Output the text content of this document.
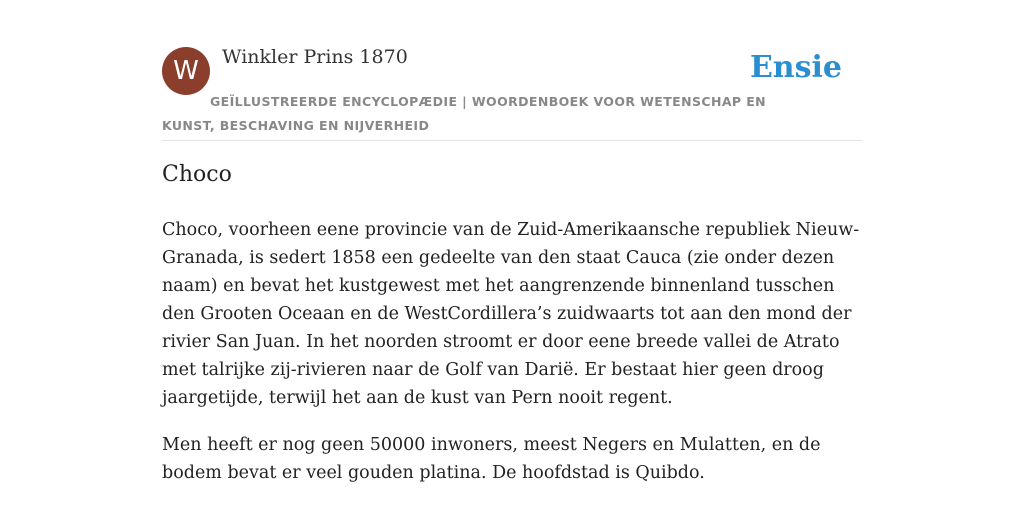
W	Winkler Prins 1870	Ensie
GEÏLLUSTREERDE ENCYCLOPÆDIE | WOORDENBOEK VOOR WETENSCHAP EN KUNST, BESCHAVING EN NIJVERHEID
Choco

Choco, voorheen eene provincie van de Zuid-Amerikaansche republiek Nieuw-Granada, is sedert 1858 een gedeelte van den staat Cauca (zie onder dezen naam) en bevat het kustgewest met het aangrenzende binnenland tusschen den Grooten Oceaan en de WestCordillera’s zuidwaarts tot aan den mond der rivier San Juan. In het noorden stroomt er door eene breede vallei de Atrato met talrijke zij-rivieren naar de Golf van Darië. Er bestaat hier geen droog jaargetijde, terwijl het aan de kust van Pern nooit regent.

Men heeft er nog geen 50000 inwoners, meest Negers en Mulatten, en de bodem bevat er veel gouden platina. De hoofdstad is Quibdo.
